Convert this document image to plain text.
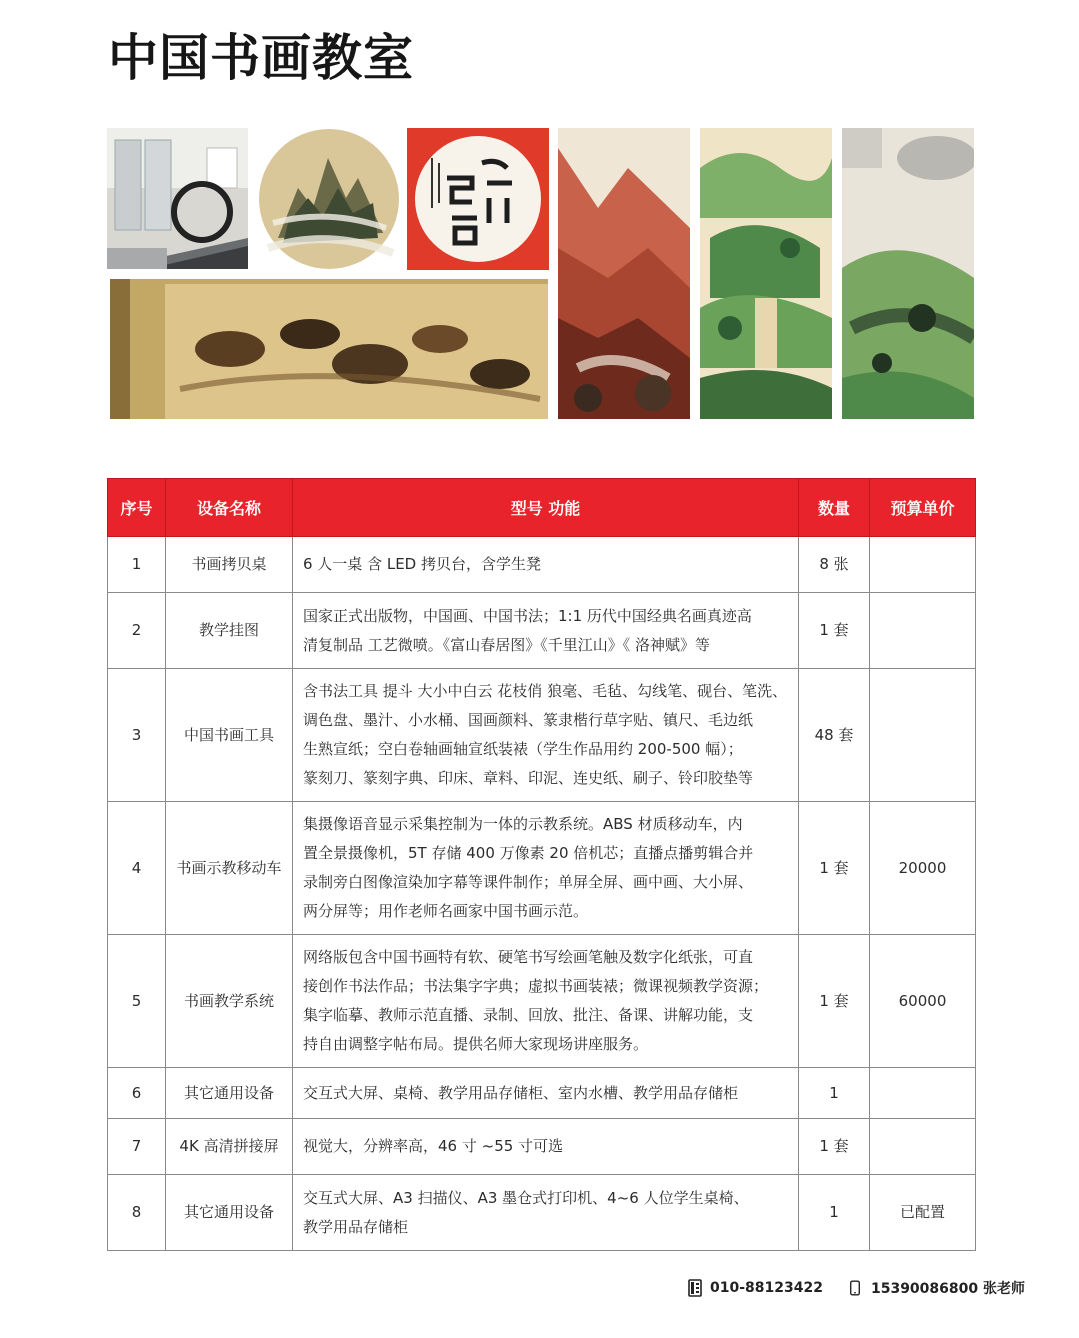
中国书画教室
序号	设备名称	型号 功能	数量	预算单价
1	书画拷贝桌	6 人一桌 含 LED 拷贝台，含学生凳	8 张	
2	教学挂图	国家正式出版物，中国画、中国书法；1:1 历代中国经典名画真迹高
清复制品 工艺微喷。《富山春居图》《千里江山》《 洛神赋》等	1 套	
3	中国书画工具	含书法工具 提斗 大小中白云 花枝俏 狼毫、毛毡、勾线笔、砚台、笔洗、
调色盘、墨汁、小水桶、国画颜料、篆隶楷行草字贴、镇尺、毛边纸
生熟宣纸；空白卷轴画轴宣纸装裱（学生作品用约 200-500 幅）；
篆刻刀、篆刻字典、印床、章料、印泥、连史纸、刷子、铃印胶垫等	48 套	
4	书画示教移动车	集摄像语音显示采集控制为一体的示教系统。ABS 材质移动车，内
置全景摄像机，5T 存储 400 万像素 20 倍机芯；直播点播剪辑合并
录制旁白图像渲染加字幕等课件制作；单屏全屏、画中画、大小屏、
两分屏等；用作老师名画家中国书画示范。	1 套	20000
5	书画教学系统	网络版包含中国书画特有软、硬笔书写绘画笔触及数字化纸张，可直
接创作书法作品；书法集字字典；虚拟书画装裱；微课视频教学资源；
集字临摹、教师示范直播、录制、回放、批注、备课、讲解功能，支
持自由调整字帖布局。提供名师大家现场讲座服务。	1 套	60000
6	其它通用设备	交互式大屏、桌椅、教学用品存储柜、室内水槽、教学用品存储柜	1	
7	4K 高清拼接屏	视觉大，分辨率高，46 寸 ~55 寸可选	1 套	
8	其它通用设备	交互式大屏、A3 扫描仪、A3 墨仓式打印机、4~6 人位学生桌椅、
教学用品存储柜	1	已配置
010-88123422	15390086800 张老师
